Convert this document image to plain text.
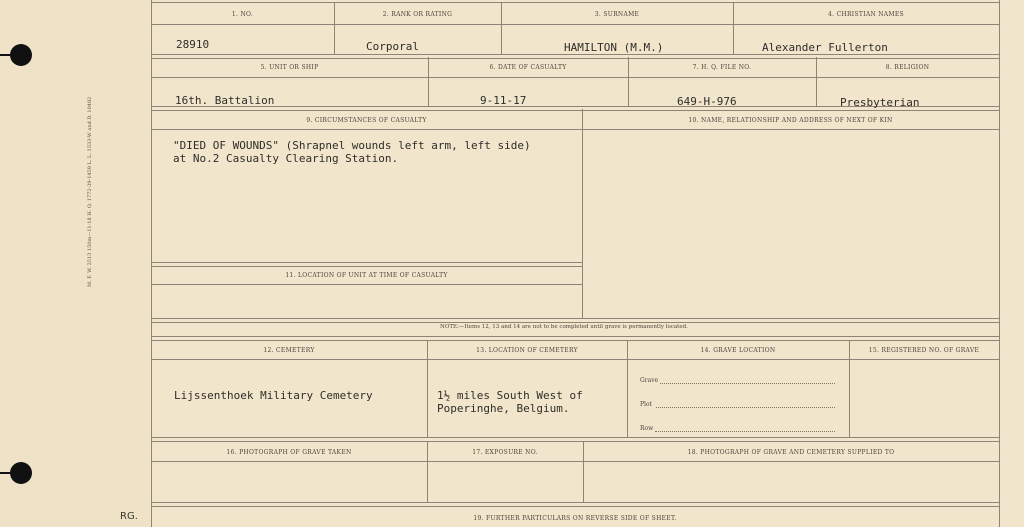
RG.
1. NO.	2. RANK OR RATING	3. SURNAME	4. CHRISTIAN NAMES
28910	Corporal	HAMILTON (M.M.)	Alexander Fullerton
5. UNIT OR SHIP	6. DATE OF CASUALTY	7. H. Q. FILE NO.	8. RELIGION
16th. Battalion	9-11-17	649-H-976	Presbyterian
9. CIRCUMSTANCES OF CASUALTY	10. NAME, RELATIONSHIP AND ADDRESS OF NEXT OF KIN
"DIED OF WOUNDS" (Shrapnel wounds left arm, left side)
at No.2 Casualty Clearing Station.
11. LOCATION OF UNIT AT TIME OF CASUALTY
NOTE:—Items 12, 13 and 14 are not to be completed until grave is permanently located.
12. CEMETERY	13. LOCATION OF CEMETERY	14. GRAVE LOCATION	15. REGISTERED NO. OF GRAVE
Lijssenthoek Military Cemetery	1½ miles South West of
Poperinghe, Belgium.
Grave
Plot
Row
16. PHOTOGRAPH OF GRAVE TAKEN	17. EXPOSURE NO.	18. PHOTOGRAPH OF GRAVE AND CEMETERY SUPPLIED TO
19. FURTHER PARTICULARS ON REVERSE SIDE OF SHEET.
